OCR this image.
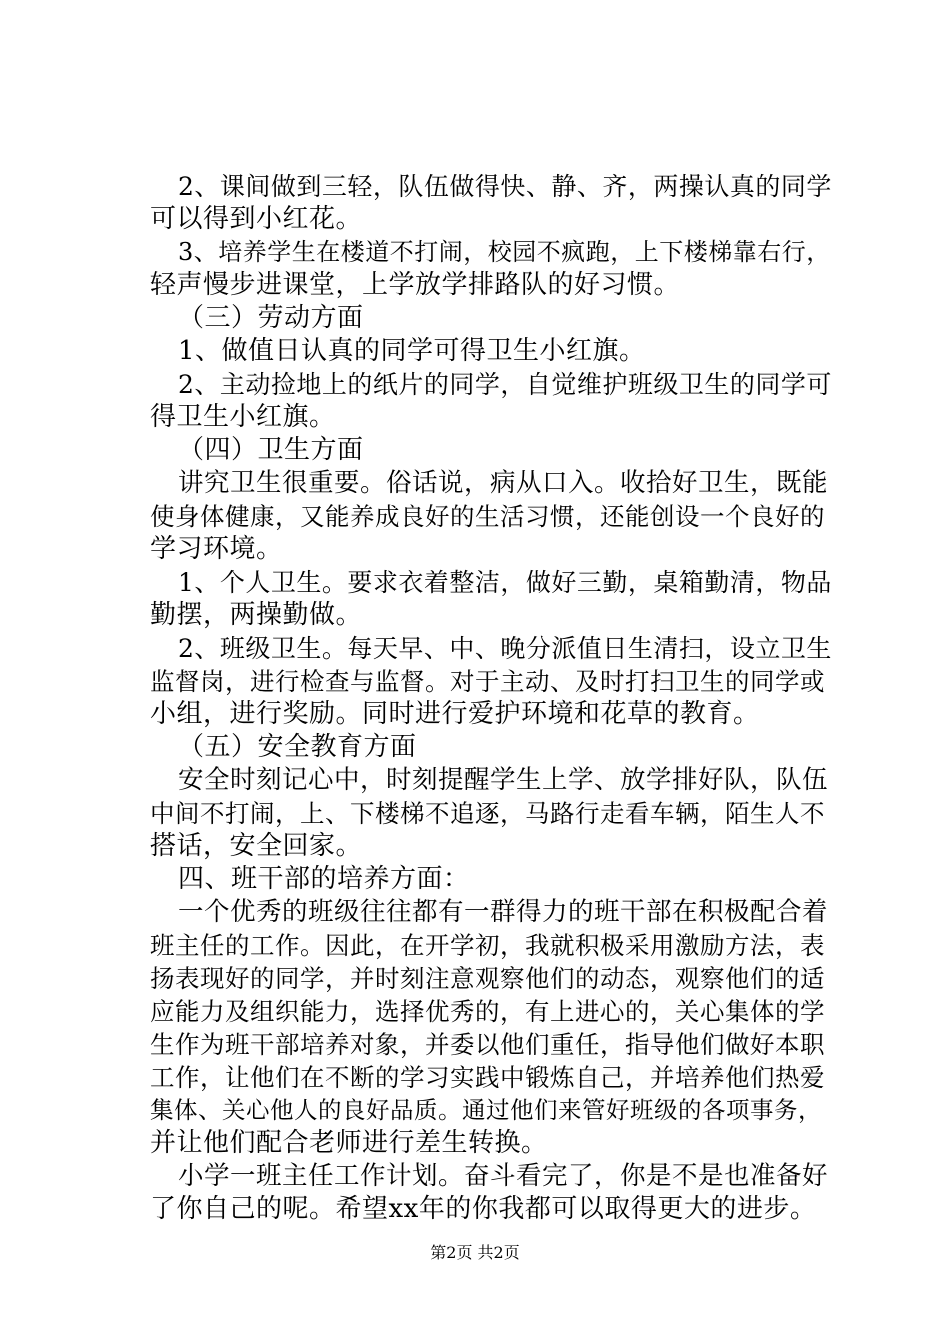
2、课间做到三轻，队伍做得快、静、齐，两操认真的同学
可以得到小红花。
3、培养学生在楼道不打闹，校园不疯跑，上下楼梯靠右行，
轻声慢步进课堂，上学放学排路队的好习惯。
（三）劳动方面
1、做值日认真的同学可得卫生小红旗。
2、主动捡地上的纸片的同学，自觉维护班级卫生的同学可
得卫生小红旗。
（四）卫生方面
讲究卫生很重要。俗话说，病从口入。收拾好卫生，既能
使身体健康，又能养成良好的生活习惯，还能创设一个良好的
学习环境。
1、个人卫生。要求衣着整洁，做好三勤，桌箱勤清，物品
勤摆，两操勤做。
2、班级卫生。每天早、中、晚分派值日生清扫，设立卫生
监督岗，进行检查与监督。对于主动、及时打扫卫生的同学或
小组，进行奖励。同时进行爱护环境和花草的教育。
（五）安全教育方面
安全时刻记心中，时刻提醒学生上学、放学排好队，队伍
中间不打闹，上、下楼梯不追逐，马路行走看车辆，陌生人不
搭话，安全回家。
四、班干部的培养方面：
一个优秀的班级往往都有一群得力的班干部在积极配合着
班主任的工作。因此，在开学初，我就积极采用激励方法，表
扬表现好的同学，并时刻注意观察他们的动态，观察他们的适
应能力及组织能力，选择优秀的，有上进心的，关心集体的学
生作为班干部培养对象，并委以他们重任，指导他们做好本职
工作，让他们在不断的学习实践中锻炼自己，并培养他们热爱
集体、关心他人的良好品质。通过他们来管好班级的各项事务，
并让他们配合老师进行差生转换。
小学一班主任工作计划。奋斗看完了，你是不是也准备好
了你自己的呢。希望xx年的你我都可以取得更大的进步。
第2页 共2页
